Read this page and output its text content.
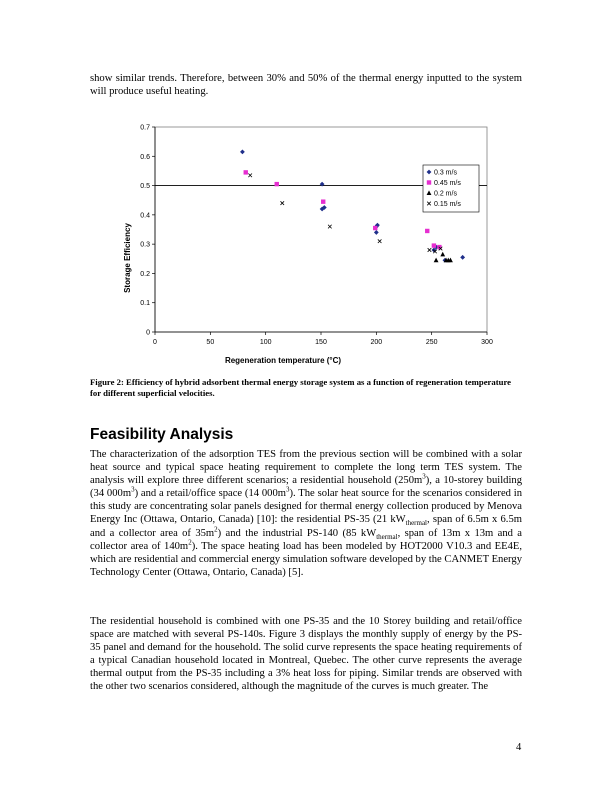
show similar trends. Therefore, between 30% and 50% of the thermal energy inputted to the system will produce useful heating.

0	50	100	150	200	250	300
0
0.1
0.2
0.3
0.4
0.5
0.6
0.7
Regeneration temperature (°C)
Storage Efficiency
0.3 m/s
0.45 m/s
0.2 m/s
0.15 m/s

Figure 2: Efficiency of hybrid adsorbent thermal energy storage system as a function of regeneration temperature for different superficial velocities.

Feasibility Analysis

The characterization of the adsorption TES from the previous section will be combined with a solar heat source and typical space heating requirement to complete the long term TES system. The analysis will explore three different scenarios; a residential household $(250m^3)$, a 10-storey building (34 $000m^3$) and a retail/office space (14 $000m^3$). The solar heat source for the scenarios considered in this study are concentrating solar panels designed for thermal energy collection produced by Menova Energy Inc (Ottawa, Ontario, Canada) [10]: the residential PS-35 (21 $kW_{thermal}$, span of 6.5m x 6.5m and a collector area of $35m^2$) and the industrial PS-140 (85 $kW_{thermal}$, span of 13m x 13m and a collector area of $140m^2$). The space heating load has been modeled by HOT2000 V10.3 and EE4E, which are residential and commercial energy simulation software developed by the CANMET Energy Technology Center (Ottawa, Ontario, Canada) [5].

The residential household is combined with one PS-35 and the 10 Storey building and retail/office space are matched with several PS-140s. Figure 3 displays the monthly supply of energy by the PS-35 panel and demand for the household. The solid curve represents the space heating requirements of a typical Canadian household located in Montreal, Quebec. The other curve represents the average thermal output from the PS-35 including a 3% heat loss for piping. Similar trends are observed with the other two scenarios considered, although the magnitude of the curves is much greater. The

4
